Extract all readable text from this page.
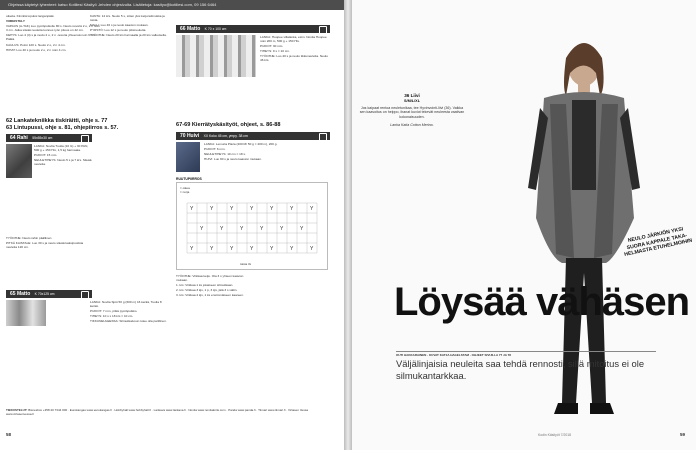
Ohjeissa käytetyt lyhenteet: katso Kotiliesi Käsityö -lehden ohjesivulta. Lisätietoja: kasityo@kotiliesi.com, 09 156 6464

oikeita. Kiinnitä lopuksi langanpäät.

VIIMEISTELY

VAPAUS (A-TAK) Luo pyöröpuikolle 80 s. Neulo resoriä 2 o, 2 n noin 3 cm. Jatka sileää neuletta kunnes työn pituus on 42 cm.

KEHYS: Luo 4 (4) s ja neulo 2 o, 2 n -resoria yhteensä noin 6 cm. Päätä.

KAULUS: Poimi 120 s. Neulo 2 o, 2 n 4 cm.

HIHAT: Luo 40 s ja neulo 2 o, 2 n noin 4 cm.

62 Lankatekniikka tiskiräitti, ohje s. 77
63 Lintupussi, ohje s. 81, ohjepiirros s. 57.
64 Rahi 55x55x30 cm

LANKA: Novita Tuulia (10 G) + 30 PAN, 500 g + 150 HG, 1,5 kg harmaata.

PUIKOT: 15 mm.

NEULETIHEYS: Neulo 5 s ja 7 krs. Sileää neuletta.

TYÖOHJE: Neulo rahin päällinen.

PITKÄ KAISTALE: Luo 30 s ja neulo sileää kaksipuolista neuletta 120 cm.

65 Matto K 70x125 cm

LANKA: Novita Sjöö 50 g (600 m) 16 kerää, Tuulia 8 kerää.

PUIKOT: 7 mm, pitkä pyöröpuikko.

TIHEYS: 10 s x 18 krs = 10 cm.

TIKKUNEULEESSA: Silmukkaluvun tulee olla parillinen.

KANTA: 12 krs. Neulo 5 s, sitten yksi ketjunsilmukka ja toista.

MALLI: Luo 46 s ja neulo kaavion mukaan.

PYRSTÖ: Luo 12 s ja neulo pitsineuletta.

TYÖOHJE: Neulo 20 krs harmaalla ja 20 krs valkoisella.

66 Matto K 70 x 100 cm

LANKA: Hoopee villalanka, esim. Novita Hoopee noin 200 m, 500 g + 150 HG.

PUIKOT: 30 mm.

TIHEYS: 9 s = 10 cm.

TYÖOHJE: Luo 40 s ja neulo tikkuneuletta. Neulo 46 krs.

67-69 Kierrätyskäsityöt, ohjeet, s. 86-88
70 Huivi XX Koko 45 cm, ympy. 38 cm

LANKA: Lemuria Plaza (200 M/ 50 g = 400 m), 200 g.

PUIKOT: 6 mm.

NEULETIHEYS: 10 cm = 18 s.

HUIVI: Luo 90 s ja neulo kaavion mukaan.

RUUTUPIIRROS
Y	Y	Y	Y	Y	Y	Y
Y	Y	Y	Y	Y	Y
Y	Y	Y	Y	Y	Y	Y
= oikea
= nurja
toista 3x

TYÖOHJE: Virkkaa ketju. Ota 3 s yhteen kaavion mukaan.

1. krs: Virkkaa 1 ks jokaiseen silmukkaan.

2. krs: Virkkaa 3 kjs, 1 p, 3 kjs, jätä 3 s väliin.

3. krs: Virkkaa 4 kjs, 1 ks ensimmäiseen kaareen.

TIEDUSTELUT: Bisnesbox +358 20 7344 000 · Eurokangas www.eurokangas.fi · Hobbyhall www.hobbyhall.fi · Lankava www.lankava.fi · Novita www.novitaknits.com · Panda www.panda.fi · Tiimari www.tiimari.fi · Virtasen Vessa www.virtasenvessa.fi
58
36 Liivi
S/M/L/XL
Jos kaipaat rentoa neuletunikaa, tee Hyvinvointi-liivi (36). Vaikka sen kaavoitus on helppo, ihanat kuviot tekevät neuleesta vaativan kokonaisuuden.
Lanka Katia Cotton Merino.
NEULO JÄRKIÖN YKSI SUORA KAPPALE TAKA-HELMASTA ETUHELMOIHIN
Löysää vähäsen
OUTI HAKKARAINEN · KUVAT KATJA HAGELSTAM · OHJEET SIVUILLA 77 JA 78
Väljälinjaisia neuleita saa tehdä rennosti, sillä mitoitus ei ole silmukantarkkaa.
Kodin Käsityöt 7/2018	59
